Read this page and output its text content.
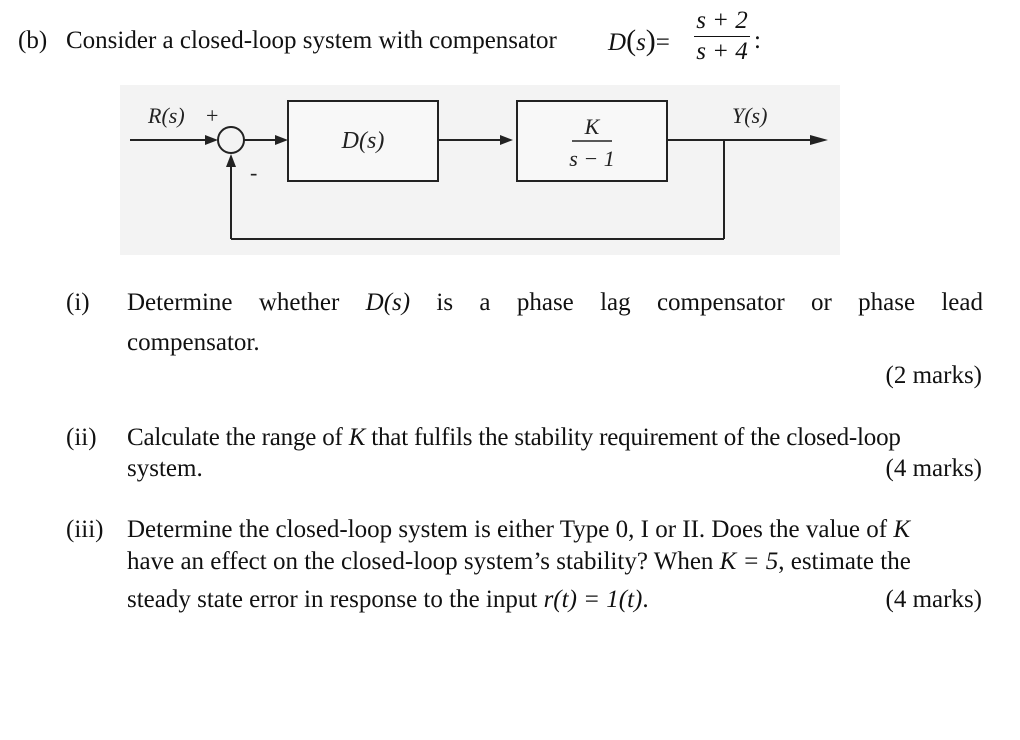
(b) Consider a closed-loop system with compensator D(s)=
s + 2
s + 4 :
R(s) +
-
D(s)
K
s − 1
Y(s)
(i) Determine whether D(s) is a phase lag compensator or phase lead
compensator.
(2 marks)
(ii) Calculate the range of K that fulfils the stability requirement of the closed-loop
system.	(4 marks)
(iii) Determine the closed-loop system is either Type 0, I or II. Does the value of K
have an effect on the closed-loop system’s stability? When K = 5, estimate the
steady state error in response to the input r(t) = 1(t).	(4 marks)
